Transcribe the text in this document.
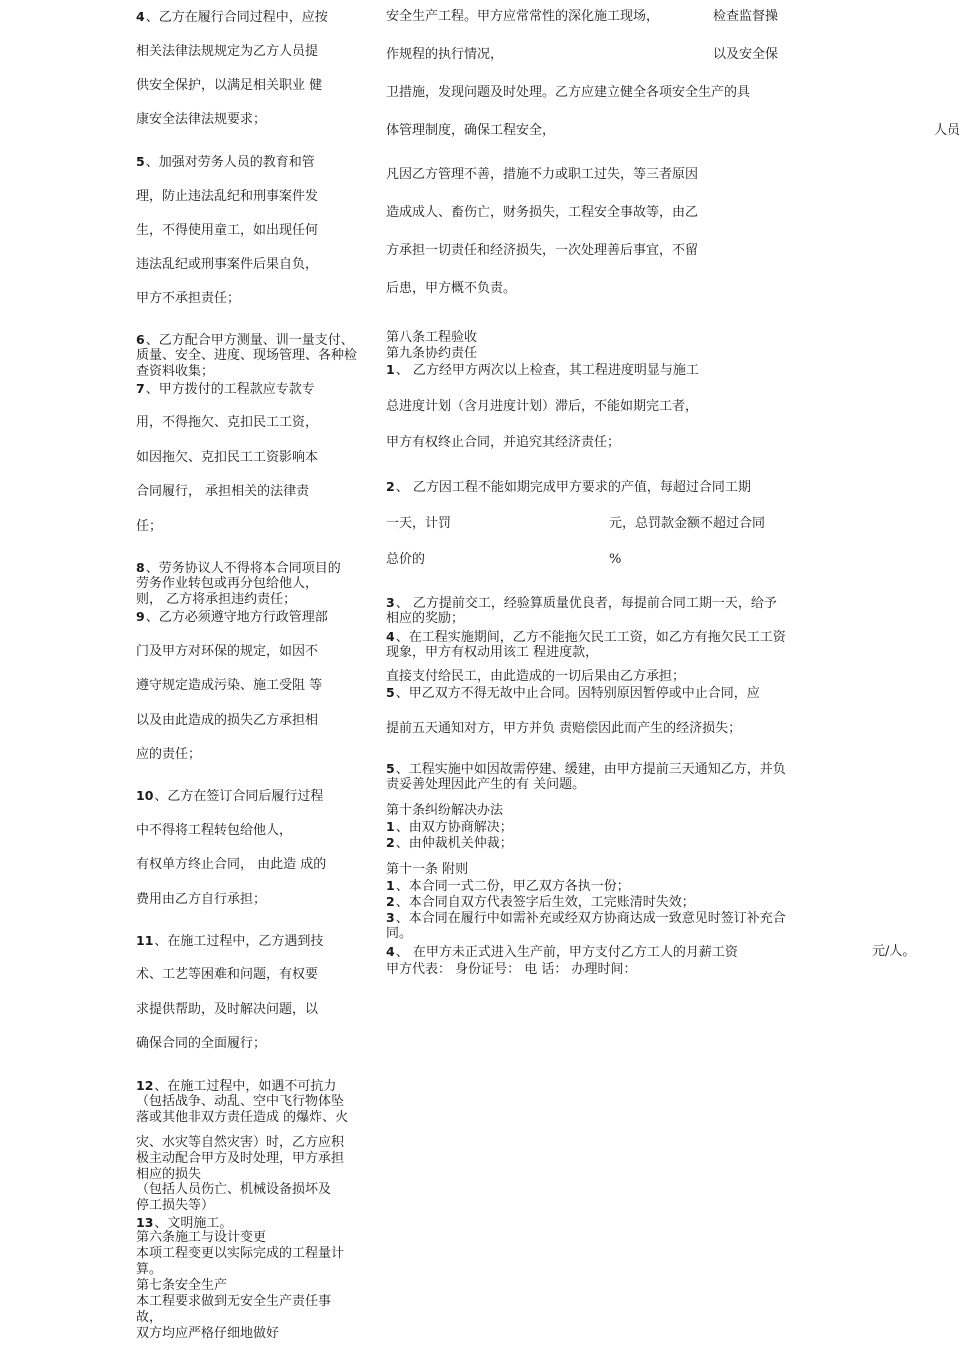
4、乙方在履行合同过程中，应按
相关法律法规规定为乙方人员提
供安全保护，以满足相关职业 健
康安全法律法规要求；
5、加强对劳务人员的教育和管
理，防止违法乱纪和刑事案件发
生，不得使用童工，如出现任何
违法乱纪或刑事案件后果自负，
甲方不承担责任；
6、乙方配合甲方测量、训一量支付、
质量、安全、进度、现场管理、各种检
查资料收集；
7、甲方拨付的工程款应专款专
用，不得拖欠、克扣民工工资，
如因拖欠、克扣民工工资影响本
合同履行， 承担相关的法律责
任；
8、劳务协议人不得将本合同项目的
劳务作业转包或再分包给他人，
则， 乙方将承担违约责任；
9、乙方必须遵守地方行政管理部
门及甲方对环保的规定，如因不
遵守规定造成污染、施工受阻 等
以及由此造成的损失乙方承担相
应的责任；
10、乙方在签订合同后履行过程
中不得将工程转包给他人，
有权单方终止合同， 由此造 成的
费用由乙方自行承担；
11、在施工过程中，乙方遇到技
术、工艺等困难和问题，有权要
求提供帮助，及时解决问题，以
确保合同的全面履行；
12、在施工过程中，如遇不可抗力
（包括战争、动乱、空中飞行物体坠
落或其他非双方责任造成 的爆炸、火
灾、水灾等自然灾害）时，乙方应积
极主动配合甲方及时处理，甲方承担
相应的损失
（包括人员伤亡、机械设备损坏及
停工损失等）
13、文明施工。
第六条施工与设计变更
本项工程变更以实际完成的工程量计
算。
第七条安全生产
本工程要求做到无安全生产责任事
故，
双方均应严格仔细地做好
安全生产工程。甲方应常常性的深化施工现场，	检查监督操
作规程的执行情况，	以及安全保
卫措施，发现问题及时处理。乙方应建立健全各项安全生产的具
体管理制度，确保工程安全，	人员
凡因乙方管理不善，措施不力或职工过失，等三者原因
造成成人、畜伤亡，财务损失，工程安全事故等，由乙
方承担一切责任和经济损失，一次处理善后事宜，不留
后患，甲方概不负责。
第八条工程验收
第九条协约责任
1、 乙方经甲方两次以上检查，其工程进度明显与施工
总进度计划（含月进度计划）滞后，不能如期完工者，
甲方有权终止合同，并追究其经济责任；
2、 乙方因工程不能如期完成甲方要求的产值，每超过合同工期
一天，计罚	元，总罚款金额不超过合同
总价的	%
3、 乙方提前交工，经验算质量优良者，每提前合同工期一天，给予
相应的奖励；
4、在工程实施期间，乙方不能拖欠民工工资，如乙方有拖欠民工工资
现象，甲方有权动用该工 程进度款，
直接支付给民工，由此造成的一切后果由乙方承担；
5、甲乙双方不得无故中止合同。因特别原因暂停或中止合同，应
提前五天通知对方，甲方并负 责赔偿因此而产生的经济损失；
5、工程实施中如因故需停建、缓建，由甲方提前三天通知乙方，并负
责妥善处理因此产生的有 关问题。
第十条纠纷解决办法
1、由双方协商解决；
2、由仲裁机关仲裁；
第十一条 附则
1、本合同一式二份，甲乙双方各执一份；
2、本合同自双方代表签字后生效，工完账清时失效；
3、本合同在履行中如需补充或经双方协商达成一致意见时签订补充合
同。
4、 在甲方未正式进入生产前，甲方支付乙方工人的月薪工资	元/人。
甲方代表： 身份证号： 电 话： 办理时间：
